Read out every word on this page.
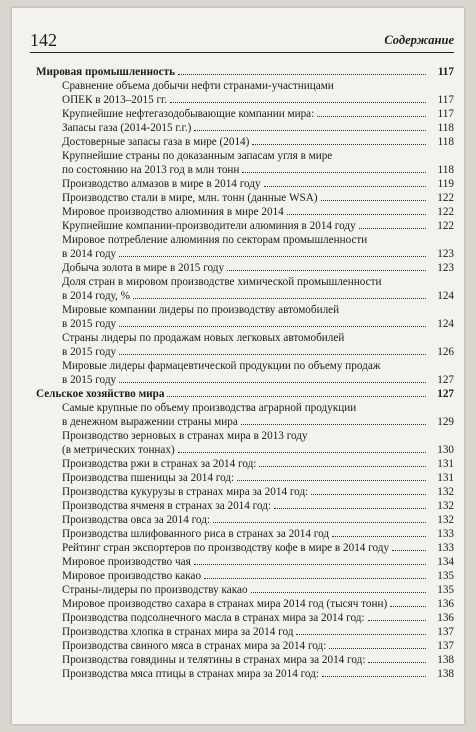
142	Содержание
Мировая промышленность	117
Сравнение объема добычи нефти странами-участницами
ОПЕК в 2013–2015 гг.	117
Крупнейшие нефтегазодобывающие компании мира:	117
Запасы газа (2014-2015 г.г.)	118
Достоверные запасы газа в мире (2014)	118
Крупнейшие страны по доказанным запасам угля в мире
по состоянию на 2013 год в млн тонн	118
Производство алмазов в мире в 2014 году	119
Производство стали в мире, млн. тонн (данные WSA)	122
Мировое производство алюминия в мире 2014	122
Крупнейшие компании-производители алюминия в 2014 году	122
Мировое потребление алюминия по секторам промышленности
в 2014 году	123
Добыча золота в мире в 2015 году	123
Доля стран в мировом производстве химической промышленности
в 2014 году, %	124
Мировые компании лидеры по производству автомобилей
в 2015 году	124
Страны лидеры по продажам новых легковых автомобилей
в 2015 году	126
Мировые лидеры фармацевтической продукции по объему продаж
в 2015 году	127
Сельское хозяйство мира	127
Самые крупные по объему производства аграрной продукции
в денежном выражении страны мира	129
Производство зерновых в странах мира в 2013 году
(в метрических тоннах)	130
Производства ржи в странах за 2014 год:	131
Производства пшеницы за 2014 год:	131
Производства кукурузы в странах мира за 2014 год:	132
Производства ячменя в странах за 2014 год:	132
Производства овса за 2014 год:	132
Производства шлифованного риса в странах за 2014 год	133
Рейтинг стран экспортеров по производству кофе в мире в 2014 году	133
Мировое производство чая	134
Мировое производство какао	135
Страны-лидеры по производству какао	135
Мировое производство сахара в странах мира 2014 год (тысяч тонн)	136
Производства подсолнечного масла в странах мира за 2014 год:	136
Производства хлопка в странах мира за 2014 год	137
Производства свиного мяса в странах мира за 2014 год:	137
Производства говядины и телятины в странах мира за 2014 год:	138
Производства мяса птицы в странах мира за 2014 год:	138
